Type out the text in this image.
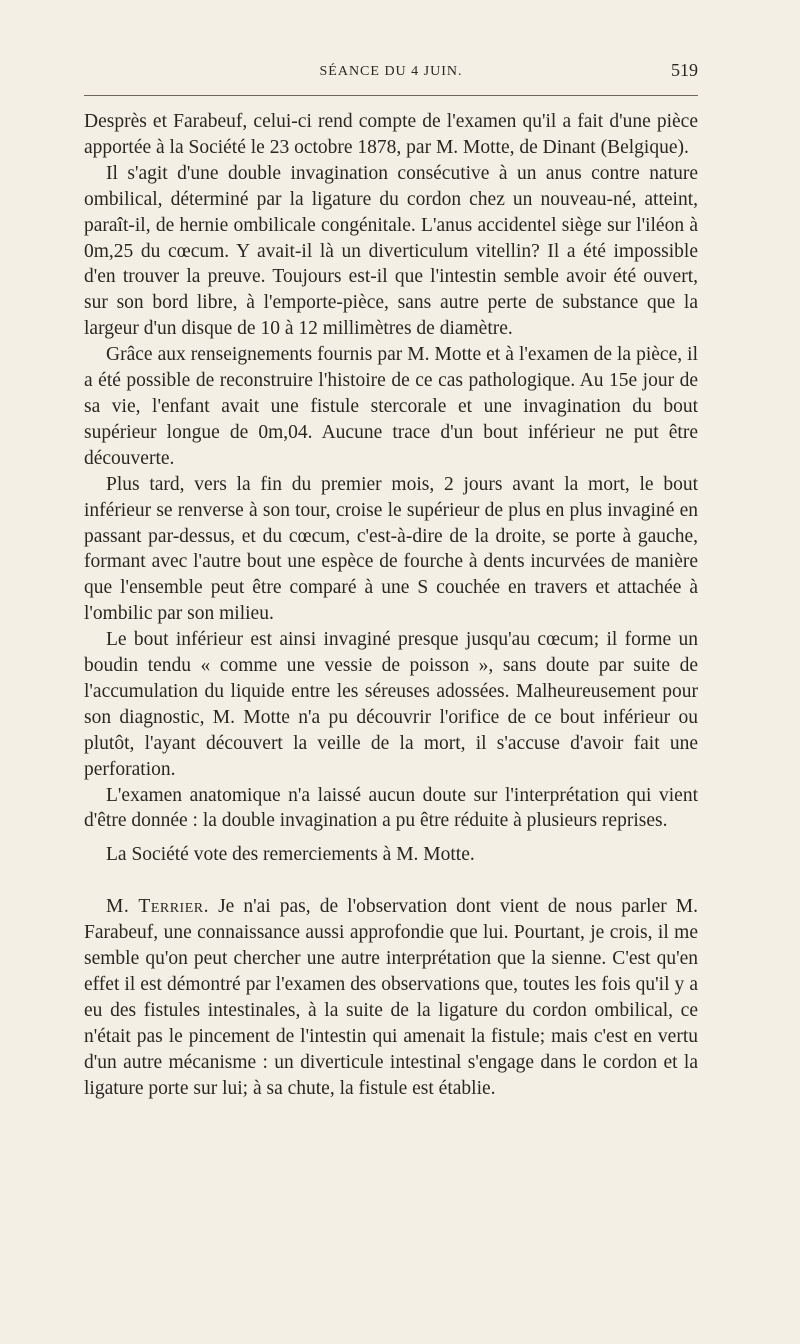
SÉANCE DU 4 JUIN.	519

Desprès et Farabeuf, celui-ci rend compte de l'examen qu'il a fait d'une pièce apportée à la Société le 23 octobre 1878, par M. Motte, de Dinant (Belgique).

Il s'agit d'une double invagination consécutive à un anus contre nature ombilical, déterminé par la ligature du cordon chez un nouveau-né, atteint, paraît-il, de hernie ombilicale congénitale. L'anus accidentel siège sur l'iléon à 0m,25 du cœcum. Y avait-il là un diverticulum vitellin? Il a été impossible d'en trouver la preuve. Toujours est-il que l'intestin semble avoir été ouvert, sur son bord libre, à l'emporte-pièce, sans autre perte de substance que la largeur d'un disque de 10 à 12 millimètres de diamètre.

Grâce aux renseignements fournis par M. Motte et à l'examen de la pièce, il a été possible de reconstruire l'histoire de ce cas pathologique. Au 15e jour de sa vie, l'enfant avait une fistule stercorale et une invagination du bout supérieur longue de 0m,04. Aucune trace d'un bout inférieur ne put être découverte.

Plus tard, vers la fin du premier mois, 2 jours avant la mort, le bout inférieur se renverse à son tour, croise le supérieur de plus en plus invaginé en passant par-dessus, et du cœcum, c'est-à-dire de la droite, se porte à gauche, formant avec l'autre bout une espèce de fourche à dents incurvées de manière que l'ensemble peut être comparé à une S couchée en travers et attachée à l'ombilic par son milieu.

Le bout inférieur est ainsi invaginé presque jusqu'au cœcum; il forme un boudin tendu « comme une vessie de poisson », sans doute par suite de l'accumulation du liquide entre les séreuses adossées. Malheureusement pour son diagnostic, M. Motte n'a pu découvrir l'orifice de ce bout inférieur ou plutôt, l'ayant découvert la veille de la mort, il s'accuse d'avoir fait une perforation.

L'examen anatomique n'a laissé aucun doute sur l'interprétation qui vient d'être donnée : la double invagination a pu être réduite à plusieurs reprises.

La Société vote des remerciements à M. Motte.

M. Terrier. Je n'ai pas, de l'observation dont vient de nous parler M. Farabeuf, une connaissance aussi approfondie que lui. Pourtant, je crois, il me semble qu'on peut chercher une autre interprétation que la sienne. C'est qu'en effet il est démontré par l'examen des observations que, toutes les fois qu'il y a eu des fistules intestinales, à la suite de la ligature du cordon ombilical, ce n'était pas le pincement de l'intestin qui amenait la fistule; mais c'est en vertu d'un autre mécanisme : un diverticule intestinal s'engage dans le cordon et la ligature porte sur lui; à sa chute, la fistule est établie.
